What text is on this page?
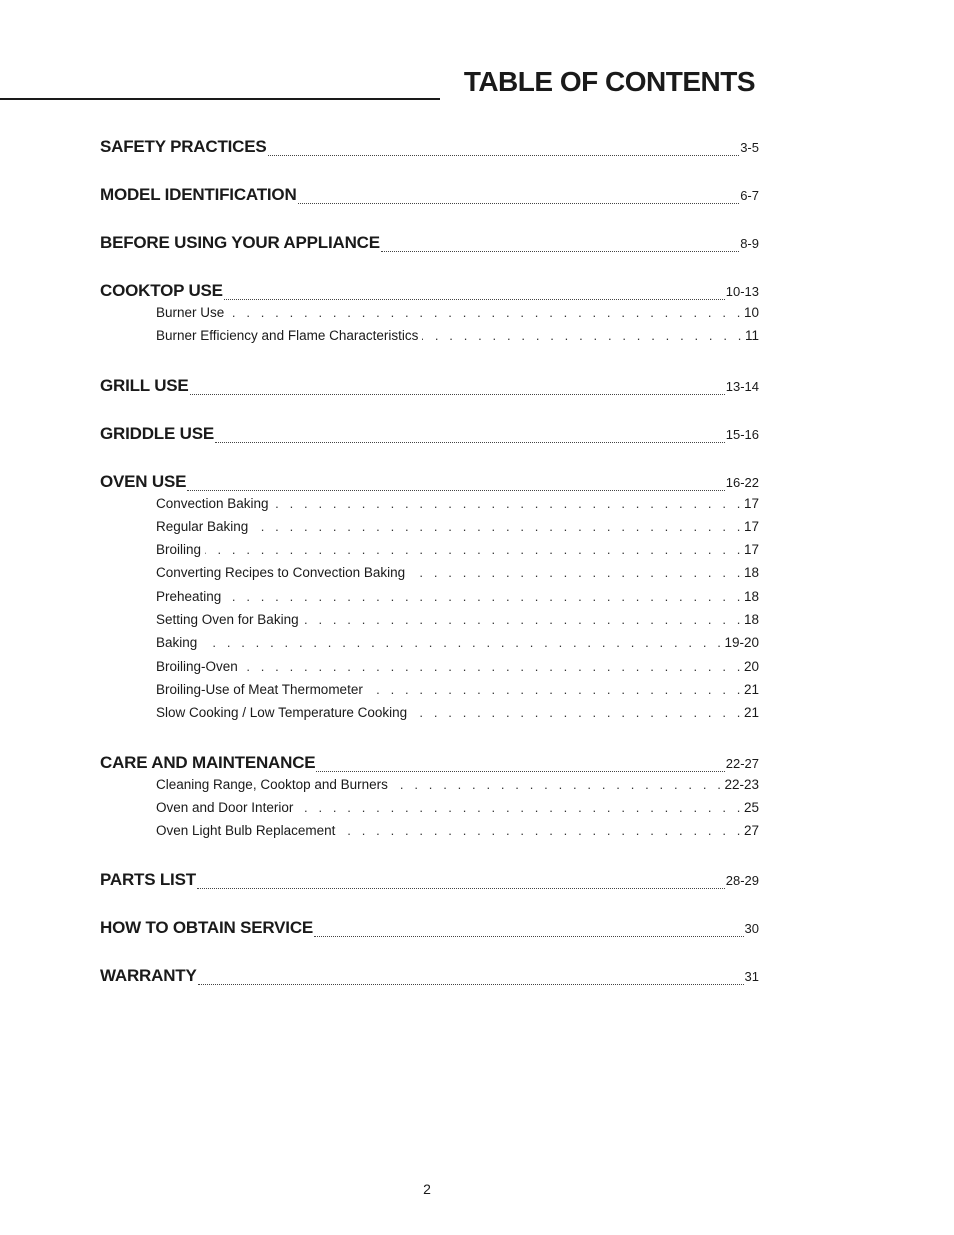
TABLE OF CONTENTS
SAFETY PRACTICES	3-5
MODEL IDENTIFICATION	6-7
BEFORE USING YOUR APPLIANCE	8-9
COOKTOP USE	10-13
Burner Use . . .	10
Burner Efficiency and Flame Characteristics . . .	11
GRILL USE	13-14
GRIDDLE USE	15-16
OVEN USE	16-22
Convection Baking . . .	17
Regular Baking . . .	17
Broiling . . .	17
Converting Recipes to Convection Baking . . .	18
Preheating . . .	18
Setting Oven for Baking . . .	18
Baking . . .	19-20
Broiling-Oven . . .	20
Broiling-Use of Meat Thermometer . . .	21
Slow Cooking / Low Temperature Cooking . . .	21
CARE AND MAINTENANCE	22-27
Cleaning Range, Cooktop and Burners . . .	22-23
Oven and Door Interior . . .	25
Oven Light Bulb Replacement . . .	27
PARTS LIST	28-29
HOW TO OBTAIN SERVICE	30
WARRANTY	31
2
